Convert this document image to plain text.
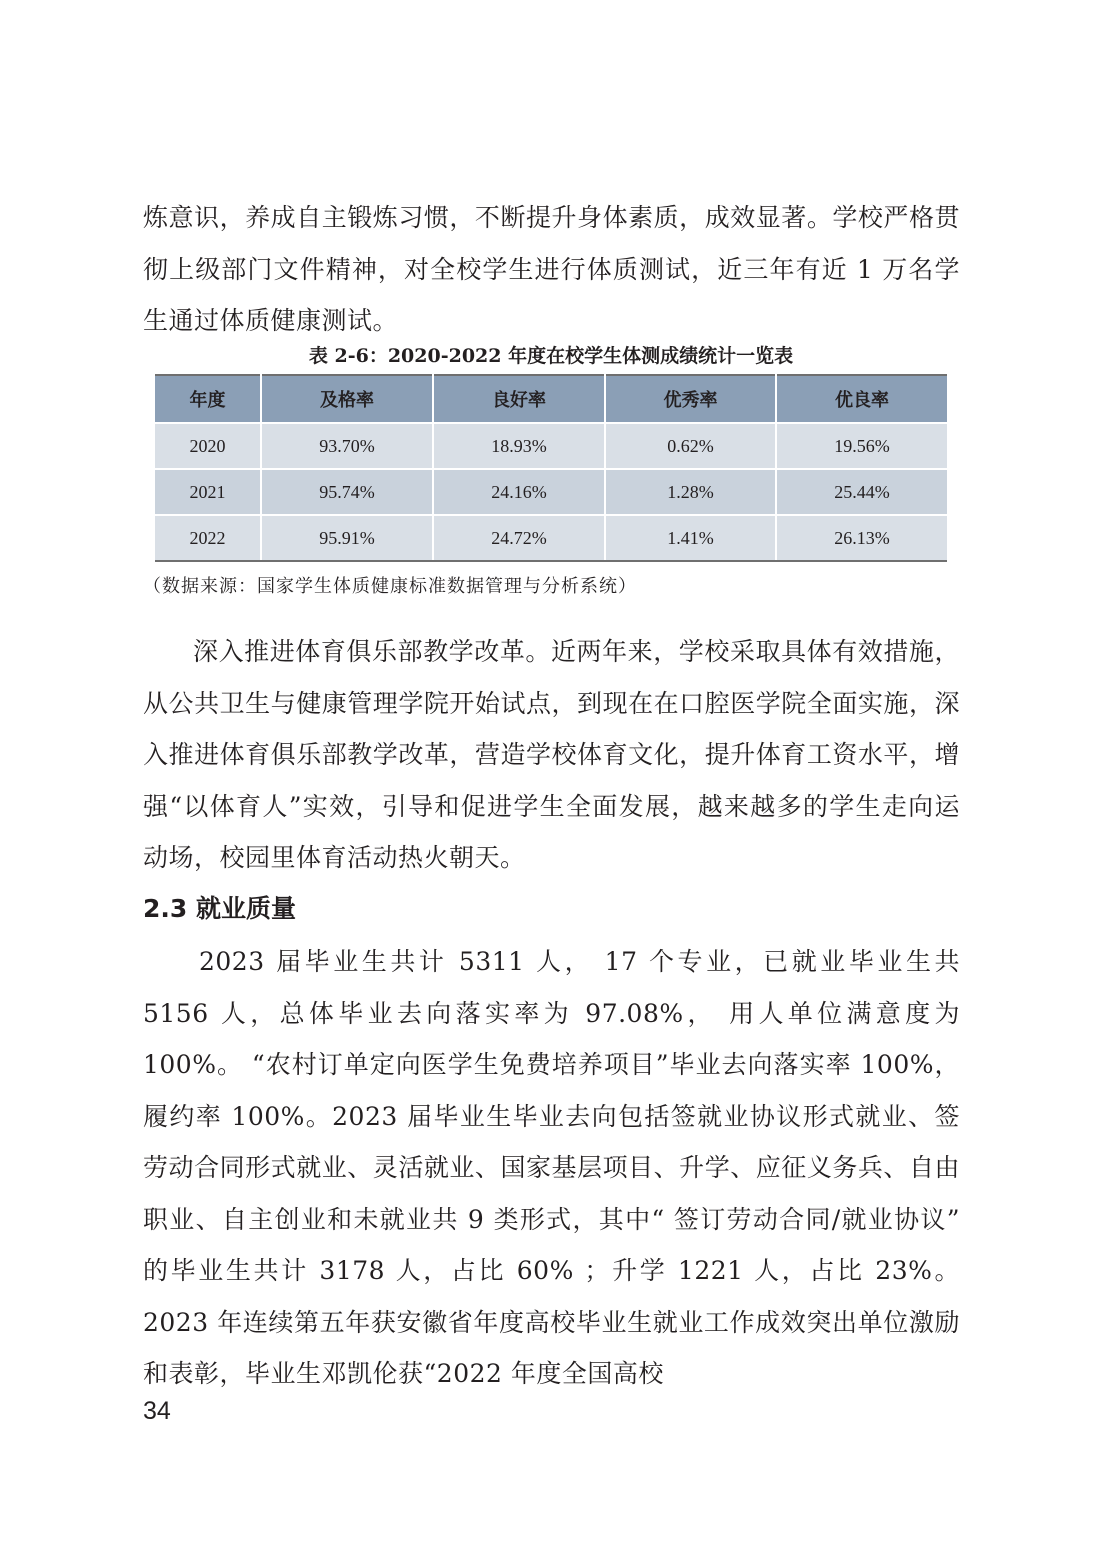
炼意识，养成自主锻炼习惯，不断提升身体素质，成效显著。学校严格贯彻上级部门文件精神，对全校学生进行体质测试，近三年有近 1 万名学生通过体质健康测试。

表 2-6：2020-2022 年度在校学生体测成绩统计一览表
年度	及格率	良好率	优秀率	优良率
2020	93.70%	18.93%	0.62%	19.56%
2021	95.74%	24.16%	1.28%	25.44%
2022	95.91%	24.72%	1.41%	26.13%
（数据来源：国家学生体质健康标准数据管理与分析系统）

深入推进体育俱乐部教学改革。近两年来，学校采取具体有效措施，从公共卫生与健康管理学院开始试点，到现在在口腔医学院全面实施，深入推进体育俱乐部教学改革，营造学校体育文化，提升体育工资水平，增强“以体育人”实效，引导和促进学生全面发展，越来越多的学生走向运动场，校园里体育活动热火朝天。

2.3 就业质量

2023 届毕业生共计 5311 人， 17 个专业，已就业毕业生共 5156 人，总体毕业去向落实率为 97.08%， 用人单位满意度为 100%。 “农村订单定向医学生免费培养项目”毕业去向落实率 100%，履约率 100%。2023 届毕业生毕业去向包括签就业协议形式就业、签劳动合同形式就业、灵活就业、国家基层项目、升学、应征义务兵、自由职业、自主创业和未就业共 9 类形式，其中“ 签订劳动合同/就业协议” 的毕业生共计 3178 人，占比 60% ；升学 1221 人，占比 23%。2023 年连续第五年获安徽省年度高校毕业生就业工作成效突出单位激励和表彰，毕业生邓凯伦获“2022 年度全国高校

34
